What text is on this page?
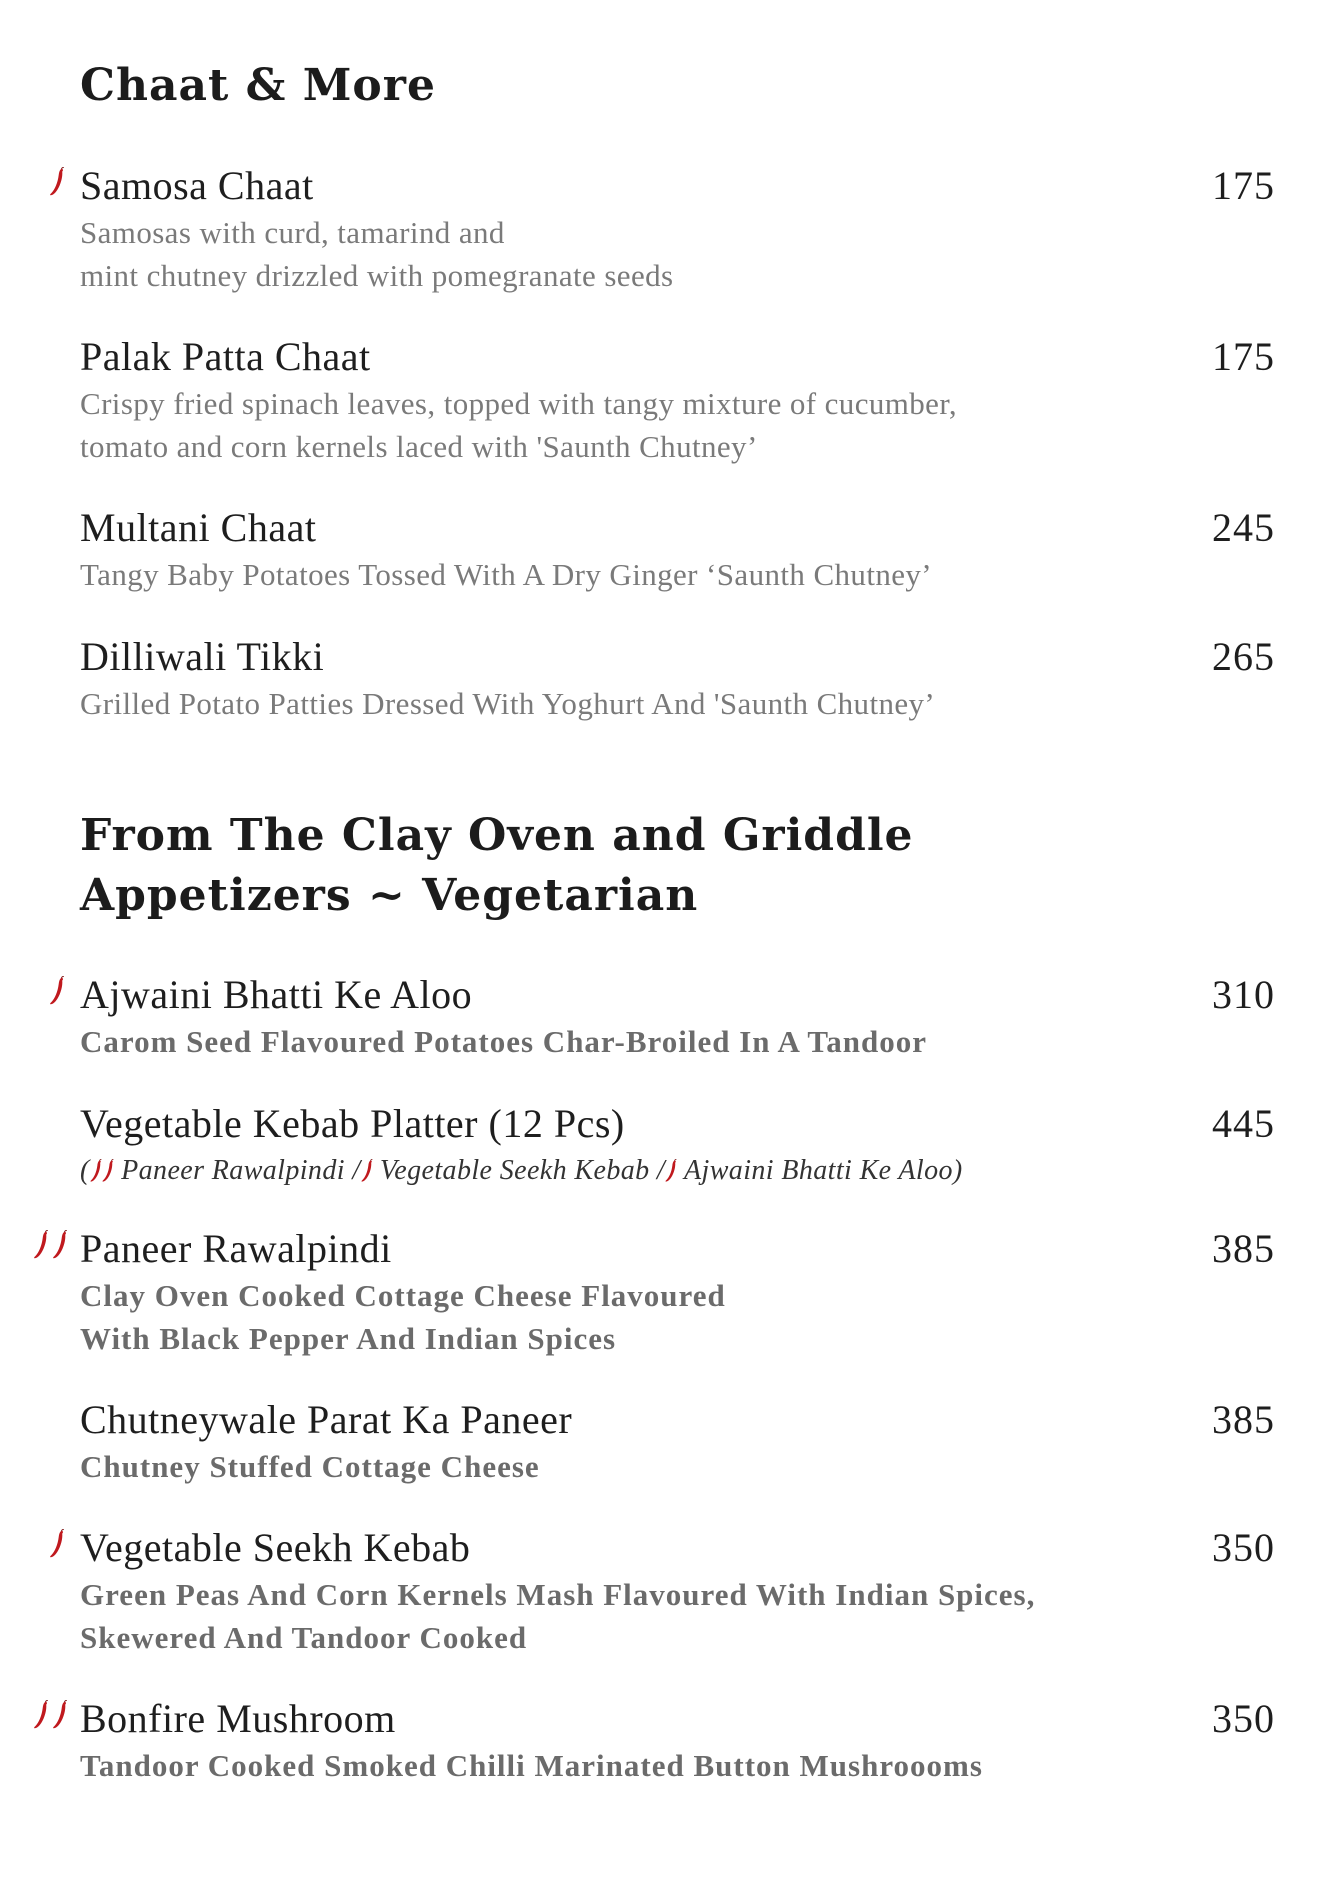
Chaat & More
Samosa Chaat	175
Samosas with curd, tamarind and
mint chutney drizzled with pomegranate seeds
Palak Patta Chaat	175
Crispy fried spinach leaves, topped with tangy mixture of cucumber,
tomato and corn kernels laced with 'Saunth Chutney’
Multani Chaat	245
Tangy Baby Potatoes Tossed With A Dry Ginger ‘Saunth Chutney’
Dilliwali Tikki	265
Grilled Potato Patties Dressed With Yoghurt And 'Saunth Chutney’
From The Clay Oven and Griddle
Appetizers ~ Vegetarian
Ajwaini Bhatti Ke Aloo	310
Carom Seed Flavoured Potatoes Char-Broiled In A Tandoor
Vegetable Kebab Platter (12 Pcs)	445
( Paneer Rawalpindi / Vegetable Seekh Kebab / Ajwaini Bhatti Ke Aloo)
Paneer Rawalpindi	385
Clay Oven Cooked Cottage Cheese Flavoured
With Black Pepper And Indian Spices
Chutneywale Parat Ka Paneer	385
Chutney Stuffed Cottage Cheese
Vegetable Seekh Kebab	350
Green Peas And Corn Kernels Mash Flavoured With Indian Spices,
Skewered And Tandoor Cooked
Bonfire Mushroom	350
Tandoor Cooked Smoked Chilli Marinated Button Mushroooms
